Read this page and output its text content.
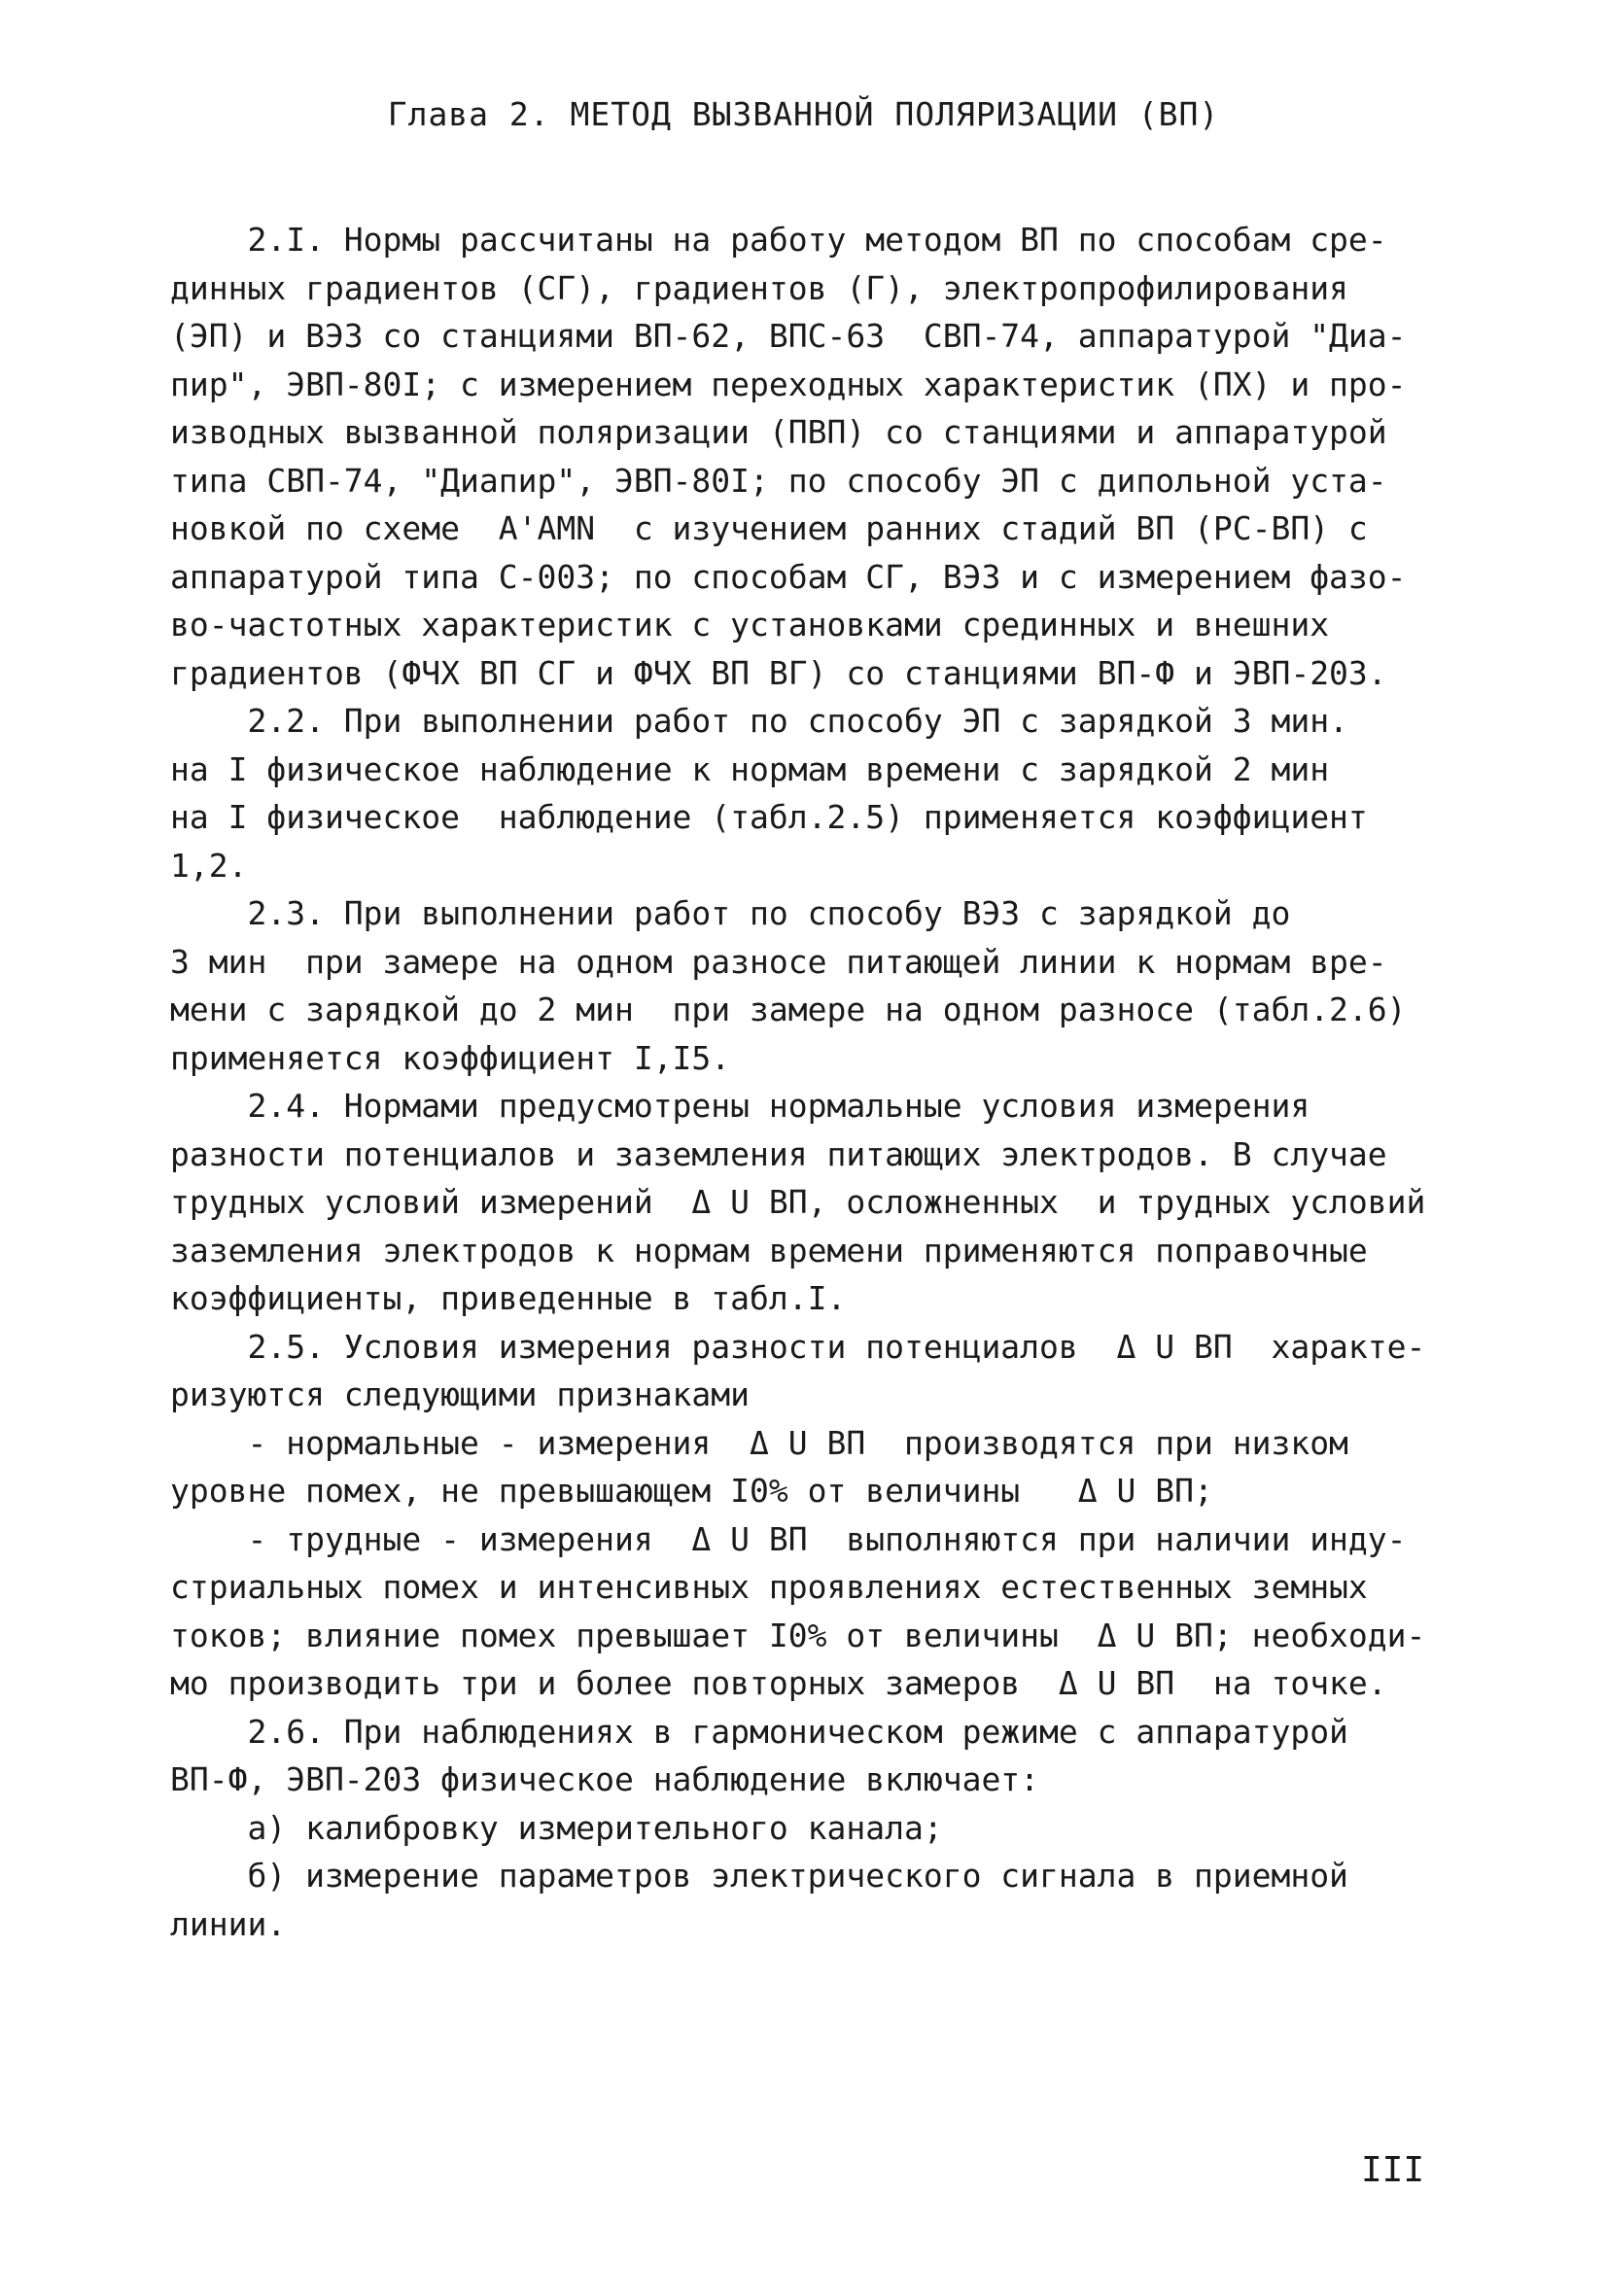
Глава 2. МЕТОД ВЫЗВАННОЙ ПОЛЯРИЗАЦИИ (ВП)
2.I. Нормы рассчитаны на работу методом ВП по способам сре-
динных градиентов (СГ), градиентов (Г), электропрофилирования
(ЭП) и ВЭЗ со станциями ВП-62, ВПС-63  СВП-74, аппаратурой "Диа-
пир", ЭВП-80I; с измерением переходных характеристик (ПХ) и про-
изводных вызванной поляризации (ПВП) со станциями и аппаратурой
типа СВП-74, "Диапир", ЭВП-80I; по способу ЭП с дипольной уста-
новкой по схеме  A'AMN  с изучением ранних стадий ВП (РС-ВП) с
аппаратурой типа С-003; по способам СГ, ВЭЗ и с измерением фазо-
во-частотных характеристик с установками срединных и внешних
градиентов (ФЧХ ВП СГ и ФЧХ ВП ВГ) со станциями ВП-Ф и ЭВП-203.
2.2. При выполнении работ по способу ЭП с зарядкой 3 мин.
на I физическое наблюдение к нормам времени с зарядкой 2 мин
на I физическое  наблюдение (табл.2.5) применяется коэффициент
1,2.
2.3. При выполнении работ по способу ВЭЗ с зарядкой до
3 мин  при замере на одном разносе питающей линии к нормам вре-
мени с зарядкой до 2 мин  при замере на одном разносе (табл.2.6)
применяется коэффициент I,I5.
2.4. Нормами предусмотрены нормальные условия измерения
разности потенциалов и заземления питающих электродов. В случае
трудных условий измерений  Δ U ВП, осложненных  и трудных условий
заземления электродов к нормам времени применяются поправочные
коэффициенты, приведенные в табл.I.
2.5. Условия измерения разности потенциалов  Δ U ВП  характе-
ризуются следующими признаками
- нормальные - измерения  Δ U ВП  производятся при низком
уровне помех, не превышающем I0% от величины   Δ U ВП;
- трудные - измерения  Δ U ВП  выполняются при наличии инду-
стриальных помех и интенсивных проявлениях естественных земных
токов; влияние помех превышает I0% от величины  Δ U ВП; необходи-
мо производить три и более повторных замеров  Δ U ВП  на точке.
2.6. При наблюдениях в гармоническом режиме с аппаратурой
ВП-Ф, ЭВП-203 физическое наблюдение включает:
а) калибровку измерительного канала;
б) измерение параметров электрического сигнала в приемной
линии.
III
